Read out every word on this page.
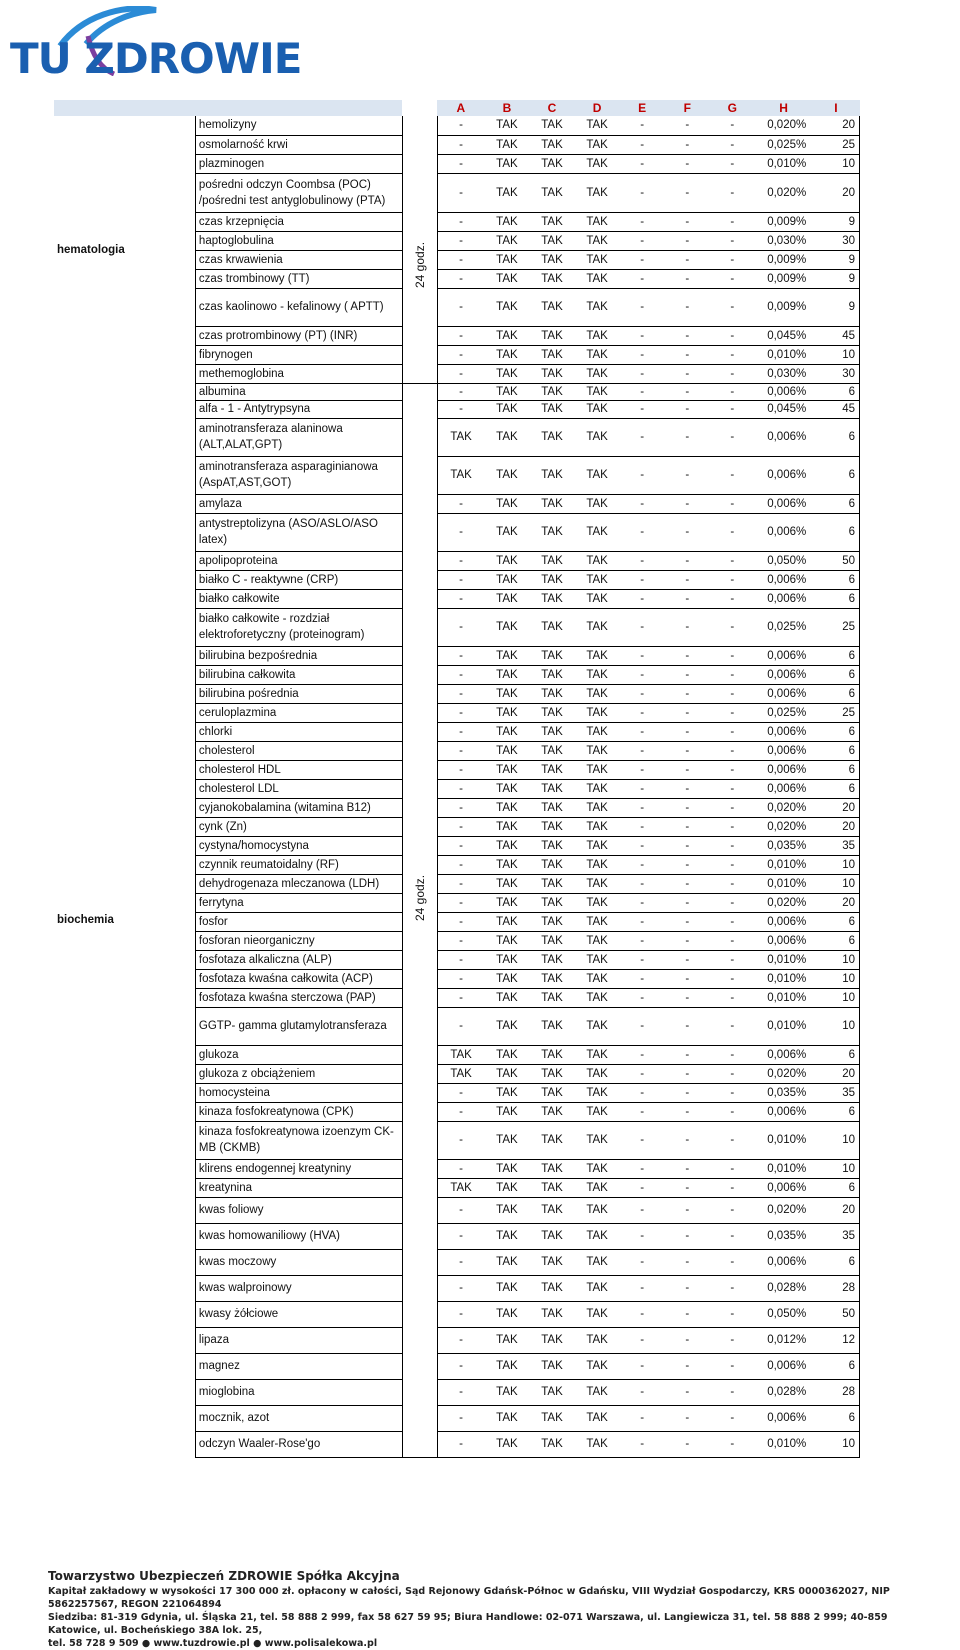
TU ZDROWIE
			A	B	C	D	E	F	G	H	I
hematologia	hemolizyny	24 godz.	-	TAK	TAK	TAK	-	-	-	0,020%	20
	osmolarność krwi		-	TAK	TAK	TAK	-	-	-	0,025%	25
	plazminogen		-	TAK	TAK	TAK	-	-	-	0,010%	10
	pośredni odczyn Coombsa (POC) /pośredni test antyglobulinowy (PTA)		-	TAK	TAK	TAK	-	-	-	0,020%	20
	czas krzepnięcia		-	TAK	TAK	TAK	-	-	-	0,009%	9
	haptoglobulina		-	TAK	TAK	TAK	-	-	-	0,030%	30
	czas krwawienia		-	TAK	TAK	TAK	-	-	-	0,009%	9
	czas trombinowy (TT)		-	TAK	TAK	TAK	-	-	-	0,009%	9
	czas kaolinowo - kefalinowy ( APTT)		-	TAK	TAK	TAK	-	-	-	0,009%	9
	czas protrombinowy (PT) (INR)		-	TAK	TAK	TAK	-	-	-	0,045%	45
	fibrynogen		-	TAK	TAK	TAK	-	-	-	0,010%	10
	methemoglobina		-	TAK	TAK	TAK	-	-	-	0,030%	30
biochemia	albumina	24 godz.	-	TAK	TAK	TAK	-	-	-	0,006%	6
	alfa - 1 - Antytrypsyna		-	TAK	TAK	TAK	-	-	-	0,045%	45
	aminotransferaza alaninowa (ALT,ALAT,GPT)		TAK	TAK	TAK	TAK	-	-	-	0,006%	6
	aminotransferaza asparaginianowa (AspAT,AST,GOT)		TAK	TAK	TAK	TAK	-	-	-	0,006%	6
	amylaza		-	TAK	TAK	TAK	-	-	-	0,006%	6
	antystreptolizyna (ASO/ASLO/ASO latex)		-	TAK	TAK	TAK	-	-	-	0,006%	6
	apolipoproteina		-	TAK	TAK	TAK	-	-	-	0,050%	50
	białko C - reaktywne (CRP)		-	TAK	TAK	TAK	-	-	-	0,006%	6
	białko całkowite		-	TAK	TAK	TAK	-	-	-	0,006%	6
	białko całkowite - rozdział elektroforetyczny (proteinogram)		-	TAK	TAK	TAK	-	-	-	0,025%	25
	bilirubina bezpośrednia		-	TAK	TAK	TAK	-	-	-	0,006%	6
	bilirubina całkowita		-	TAK	TAK	TAK	-	-	-	0,006%	6
	bilirubina pośrednia		-	TAK	TAK	TAK	-	-	-	0,006%	6
	ceruloplazmina		-	TAK	TAK	TAK	-	-	-	0,025%	25
	chlorki		-	TAK	TAK	TAK	-	-	-	0,006%	6
	cholesterol		-	TAK	TAK	TAK	-	-	-	0,006%	6
	cholesterol HDL		-	TAK	TAK	TAK	-	-	-	0,006%	6
	cholesterol LDL		-	TAK	TAK	TAK	-	-	-	0,006%	6
	cyjanokobalamina (witamina B12)		-	TAK	TAK	TAK	-	-	-	0,020%	20
	cynk (Zn)		-	TAK	TAK	TAK	-	-	-	0,020%	20
	cystyna/homocystyna		-	TAK	TAK	TAK	-	-	-	0,035%	35
	czynnik reumatoidalny (RF)		-	TAK	TAK	TAK	-	-	-	0,010%	10
	dehydrogenaza mleczanowa (LDH)		-	TAK	TAK	TAK	-	-	-	0,010%	10
	ferrytyna		-	TAK	TAK	TAK	-	-	-	0,020%	20
	fosfor		-	TAK	TAK	TAK	-	-	-	0,006%	6
	fosforan nieorganiczny		-	TAK	TAK	TAK	-	-	-	0,006%	6
	fosfotaza alkaliczna (ALP)		-	TAK	TAK	TAK	-	-	-	0,010%	10
	fosfotaza kwaśna całkowita (ACP)		-	TAK	TAK	TAK	-	-	-	0,010%	10
	fosfotaza kwaśna sterczowa (PAP)		-	TAK	TAK	TAK	-	-	-	0,010%	10
	GGTP- gamma glutamylotransferaza		-	TAK	TAK	TAK	-	-	-	0,010%	10
	glukoza		TAK	TAK	TAK	TAK	-	-	-	0,006%	6
	glukoza z obciążeniem		TAK	TAK	TAK	TAK	-	-	-	0,020%	20
	homocysteina		-	TAK	TAK	TAK	-	-	-	0,035%	35
	kinaza fosfokreatynowa (CPK)		-	TAK	TAK	TAK	-	-	-	0,006%	6
	kinaza fosfokreatynowa izoenzym CK-MB (CKMB)		-	TAK	TAK	TAK	-	-	-	0,010%	10
	klirens endogennej kreatyniny		-	TAK	TAK	TAK	-	-	-	0,010%	10
	kreatynina		TAK	TAK	TAK	TAK	-	-	-	0,006%	6
	kwas foliowy		-	TAK	TAK	TAK	-	-	-	0,020%	20
	kwas homowaniliowy (HVA)		-	TAK	TAK	TAK	-	-	-	0,035%	35
	kwas moczowy		-	TAK	TAK	TAK	-	-	-	0,006%	6
	kwas walproinowy		-	TAK	TAK	TAK	-	-	-	0,028%	28
	kwasy żółciowe		-	TAK	TAK	TAK	-	-	-	0,050%	50
	lipaza		-	TAK	TAK	TAK	-	-	-	0,012%	12
	magnez		-	TAK	TAK	TAK	-	-	-	0,006%	6
	mioglobina		-	TAK	TAK	TAK	-	-	-	0,028%	28
	mocznik, azot		-	TAK	TAK	TAK	-	-	-	0,006%	6
	odczyn Waaler-Rose'go		-	TAK	TAK	TAK	-	-	-	0,010%	10
Towarzystwo Ubezpieczeń ZDROWIE Spółka Akcyjna
Kapitał zakładowy w wysokości 17 300 000 zł. opłacony w całości, Sąd Rejonowy Gdańsk-Północ w Gdańsku, VIII Wydział Gospodarczy, KRS 0000362027, NIP 5862257567, REGON 221064894
Siedziba: 81-319 Gdynia, ul. Śląska 21, tel. 58 888 2 999, fax 58 627 59 95; Biura Handlowe: 02-071 Warszawa, ul. Langiewicza 31, tel. 58 888 2 999; 40-859 Katowice, ul. Bocheńskiego 38A lok. 25,
tel. 58 728 9 509 ● www.tuzdrowie.pl ● www.polisalekowa.pl
